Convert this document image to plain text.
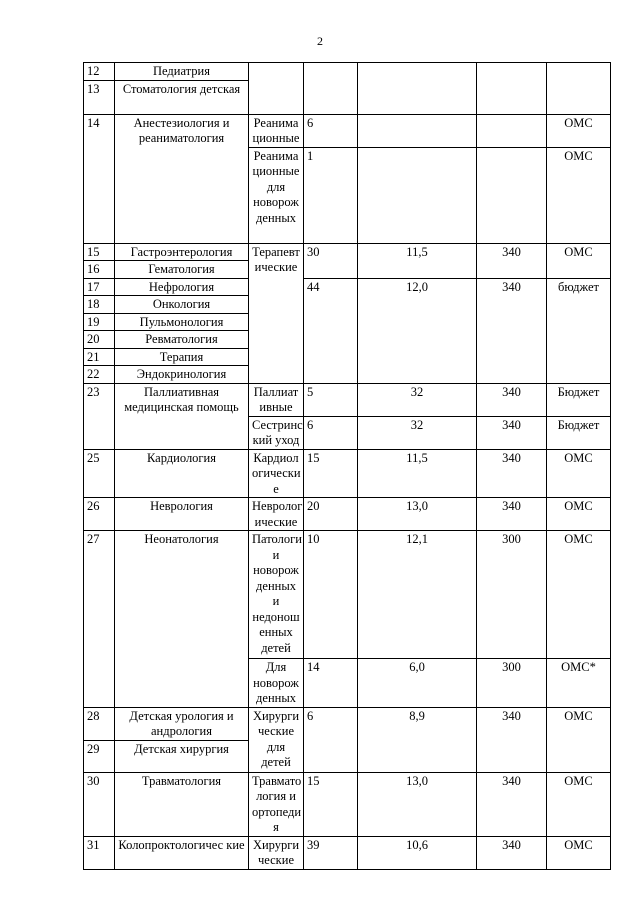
2
12	Педиатрия					
13	Стоматология детская					
14	Анестезиология и реаниматология	Реанима ционные	6			ОМС
		Реанима ционные для новорож денных	1			ОМС
15	Гастроэнтерология	Терапевт ические	30	11,5	340	ОМС
16	Гематология					
17	Нефрология		44	12,0	340	бюджет
18	Онкология					
19	Пульмонология					
20	Ревматология					
21	Терапия					
22	Эндокринология					
23	Паллиативная медицинская помощь	Паллиат ивные	5	32	340	Бюджет
		Сестринс кий уход	6	32	340	Бюджет
25	Кардиология	Кардиол огически е	15	11,5	340	ОМС
26	Неврология	Невролог ические	20	13,0	340	ОМС
27	Неонатология	Патологи и новорож денных и недонош енных детей	10	12,1	300	ОМС
		Для новорож денных	14	6,0	300	ОМС*
28	Детская урология и андрология	Хирурги ческие для детей	6	8,9	340	ОМС
29	Детская хирургия					
30	Травматология	Травмато логия и ортопеди я	15	13,0	340	ОМС
31	Колопроктологичес кие	Хирурги ческие	39	10,6	340	ОМС
